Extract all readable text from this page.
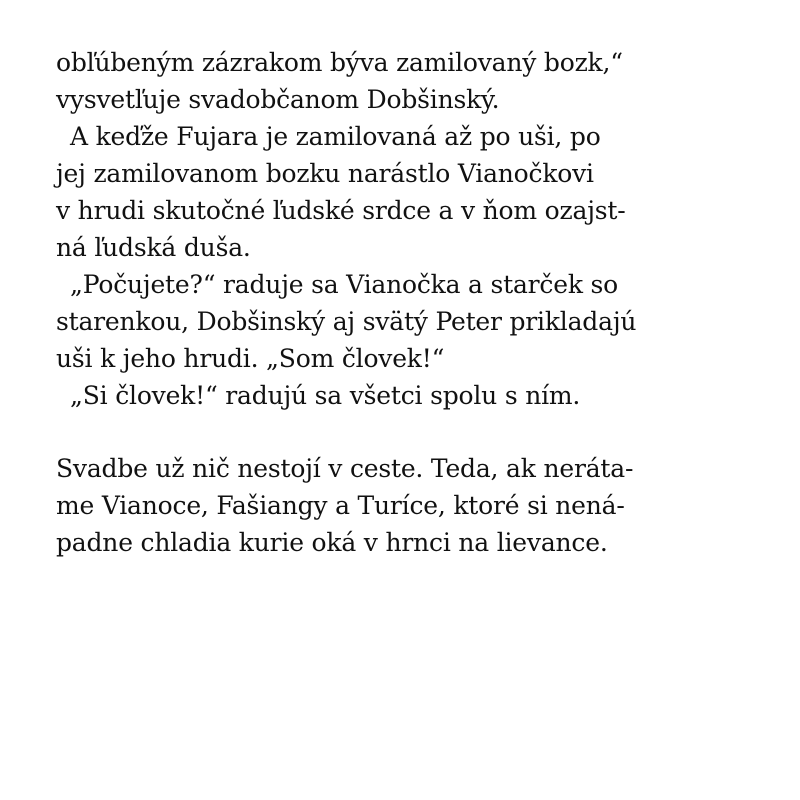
obľúbeným zázrakom býva zamilovaný bozk,“
vysvetľuje svadobčanom Dobšinský.
A keďže Fujara je zamilovaná až po uši, po
jej zamilovanom bozku narástlo Vianočkovi
v hrudi skutočné ľudské srdce a v ňom ozajst-
ná ľudská duša.
„Počujete?“ raduje sa Vianočka a starček so
starenkou, Dobšinský aj svätý Peter prikladajú
uši k jeho hrudi. „Som človek!“
„Si človek!“ radujú sa všetci spolu s ním.
Svadbe už nič nestojí v ceste. Teda, ak neráta-
me Vianoce, Fašiangy a Turíce, ktoré si nená-
padne chladia kurie oká v hrnci na lievance.
